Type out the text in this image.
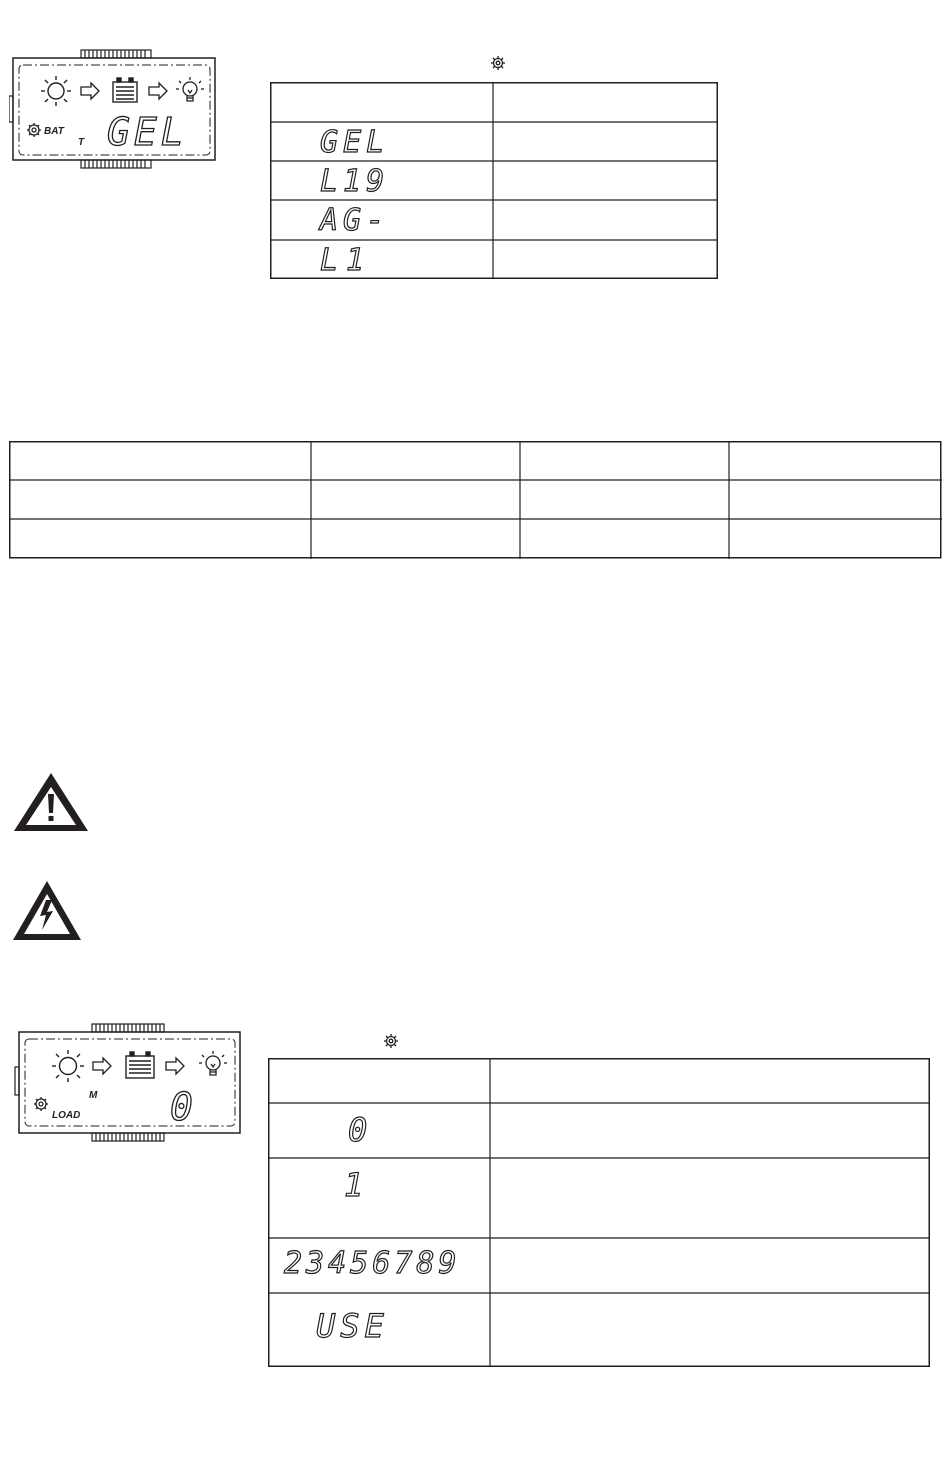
BAT
T GEL	GEL
L19
AG-
L1
M
LOAD 0
0
1
23456789
USE
